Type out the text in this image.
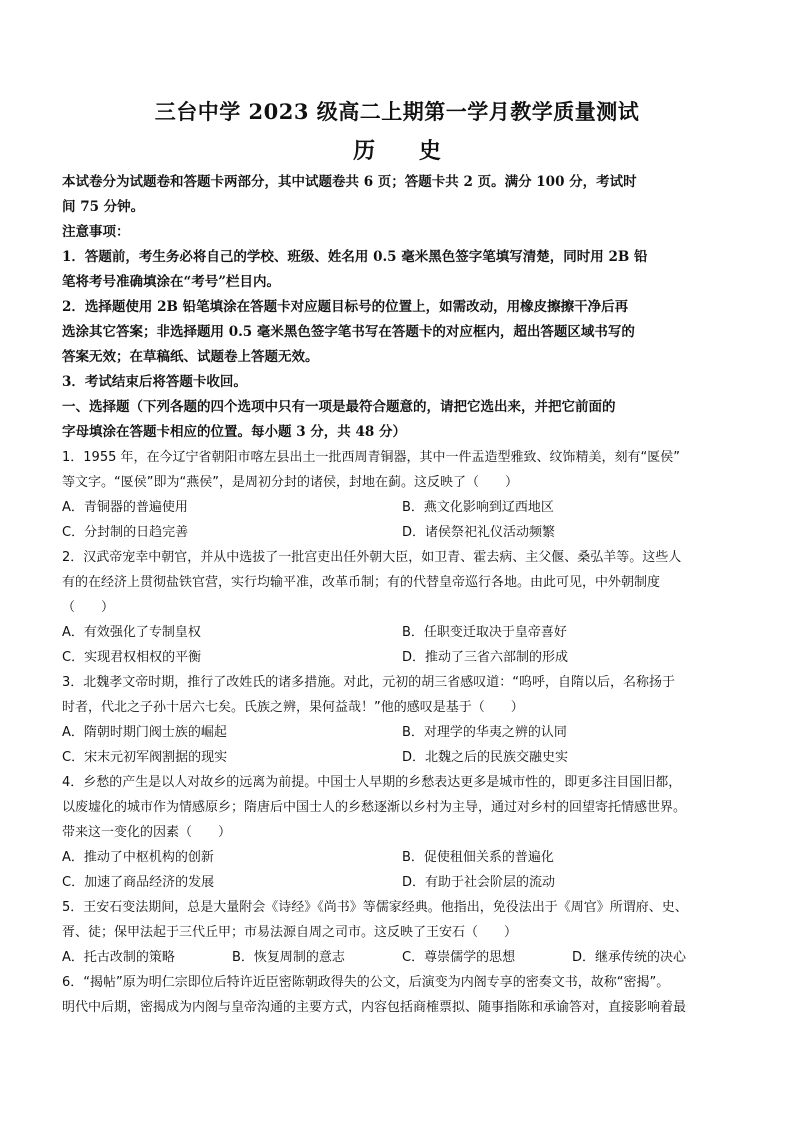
三台中学 2023 级高二上期第一学月教学质量测试
历 史

本试卷分为试题卷和答题卡两部分，其中试题卷共 6 页；答题卡共 2 页。满分 100 分，考试时

间 75 分钟。

注意事项：

1．答题前，考生务必将自己的学校、班级、姓名用 0.5 毫米黑色签字笔填写清楚，同时用 2B 铅

笔将考号准确填涂在“考号”栏目内。

2．选择题使用 2B 铅笔填涂在答题卡对应题目标号的位置上，如需改动，用橡皮擦擦干净后再

选涂其它答案；非选择题用 0.5 毫米黑色签字笔书写在答题卡的对应框内，超出答题区域书写的

答案无效；在草稿纸、试题卷上答题无效。

3．考试结束后将答题卡收回。

一、选择题（下列各题的四个选项中只有一项是最符合题意的，请把它选出来，并把它前面的

字母填涂在答题卡相应的位置。每小题 3 分，共 48 分）

1．1955 年，在今辽宁省朝阳市喀左县出土一批西周青铜器，其中一件盂造型雅致、纹饰精美，刻有“匽侯”

等文字。“匽侯”即为“燕侯”，是周初分封的诸侯，封地在蓟。这反映了（　　）

A．青铜器的普遍使用	B．燕文化影响到辽西地区
C．分封制的日趋完善	D．诸侯祭祀礼仪活动频繁

2．汉武帝宠幸中朝官，并从中选拔了一批宫吏出任外朝大臣，如卫青、霍去病、主父偃、桑弘羊等。这些人

有的在经济上贯彻盐铁官营，实行均输平准，改革币制；有的代替皇帝巡行各地。由此可见，中外朝制度

（　　）

A．有效强化了专制皇权	B．任职变迁取决于皇帝喜好
C．实现君权相权的平衡	D．推动了三省六部制的形成

3．北魏孝文帝时期，推行了改姓氏的诸多措施。对此，元初的胡三省感叹道：“呜呼，自隋以后，名称扬于

时者，代北之子孙十居六七矣。氏族之辨，果何益哉！”他的感叹是基于（　　）

A．隋朝时期门阀士族的崛起	B．对理学的华夷之辨的认同
C．宋末元初军阀割据的现实	D．北魏之后的民族交融史实

4．乡愁的产生是以人对故乡的远离为前提。中国士人早期的乡愁表达更多是城市性的，即更多注目国旧都，

以废墟化的城市作为情感原乡；隋唐后中国士人的乡愁逐渐以乡村为主导，通过对乡村的回望寄托情感世界。

带来这一变化的因素（　　）

A．推动了中枢机构的创新	B．促使租佃关系的普遍化
C．加速了商品经济的发展	D．有助于社会阶层的流动

5．王安石变法期间，总是大量附会《诗经》《尚书》等儒家经典。他指出，免役法出于《周官》所谓府、史、

胥、徒；保甲法起于三代丘甲；市易法源自周之司市。这反映了王安石（　　）

A．托古改制的策略	B．恢复周制的意志	C．尊崇儒学的思想	D．继承传统的决心

6．“揭帖”原为明仁宗即位后特许近臣密陈朝政得失的公文，后演变为内阁专享的密奏文书，故称“密揭”。

明代中后期，密揭成为内阁与皇帝沟通的主要方式，内容包括商榷票拟、随事指陈和承谕答对，直接影响着最
